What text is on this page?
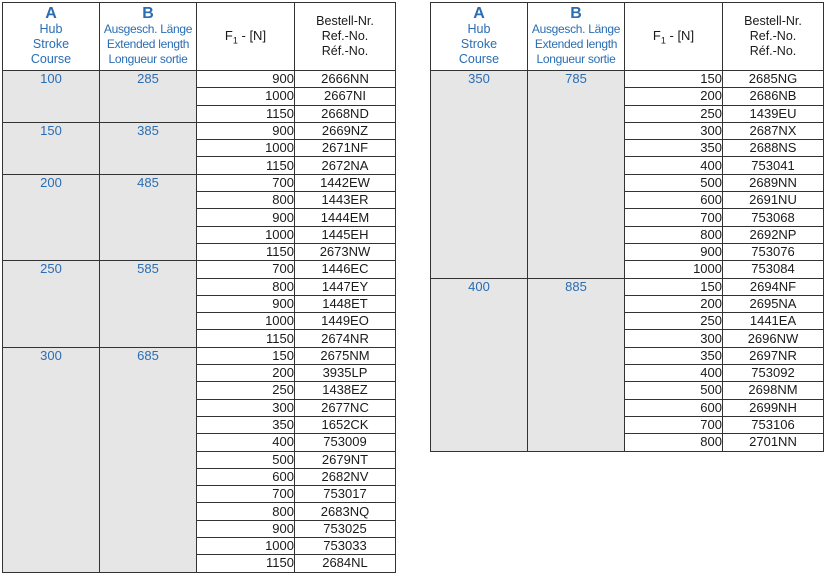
A
Hub
Stroke
Course	B
Ausgesch. Länge
Extended length
Longueur sortie	$F_1 - [N]$	Bestell-Nr.
Ref.-No.
Réf.-No.

100	285	900	2666NN
		1000	2667NI
		1150	2668ND
150	385	900	2669NZ
		1000	2671NF
		1150	2672NA
200	485	700	1442EW
		800	1443ER
		900	1444EM
		1000	1445EH
		1150	2673NW
250	585	700	1446EC
		800	1447EY
		900	1448ET
		1000	1449EO
		1150	2674NR
300	685	150	2675NM
		200	3935LP
		250	1438EZ
		300	2677NC
		350	1652CK
		400	753009
		500	2679NT
		600	2682NV
		700	753017
		800	2683NQ
		900	753025
		1000	753033
		1150	2684NL
A
Hub
Stroke
Course	B
Ausgesch. Länge
Extended length
Longueur sortie	$F_1 - [N]$	Bestell-Nr.
Ref.-No.
Réf.-No.

350	785	150	2685NG
		200	2686NB
		250	1439EU
		300	2687NX
		350	2688NS
		400	753041
		500	2689NN
		600	2691NU
		700	753068
		800	2692NP
		900	753076
		1000	753084
400	885	150	2694NF
		200	2695NA
		250	1441EA
		300	2696NW
		350	2697NR
		400	753092
		500	2698NM
		600	2699NH
		700	753106
		800	2701NN
